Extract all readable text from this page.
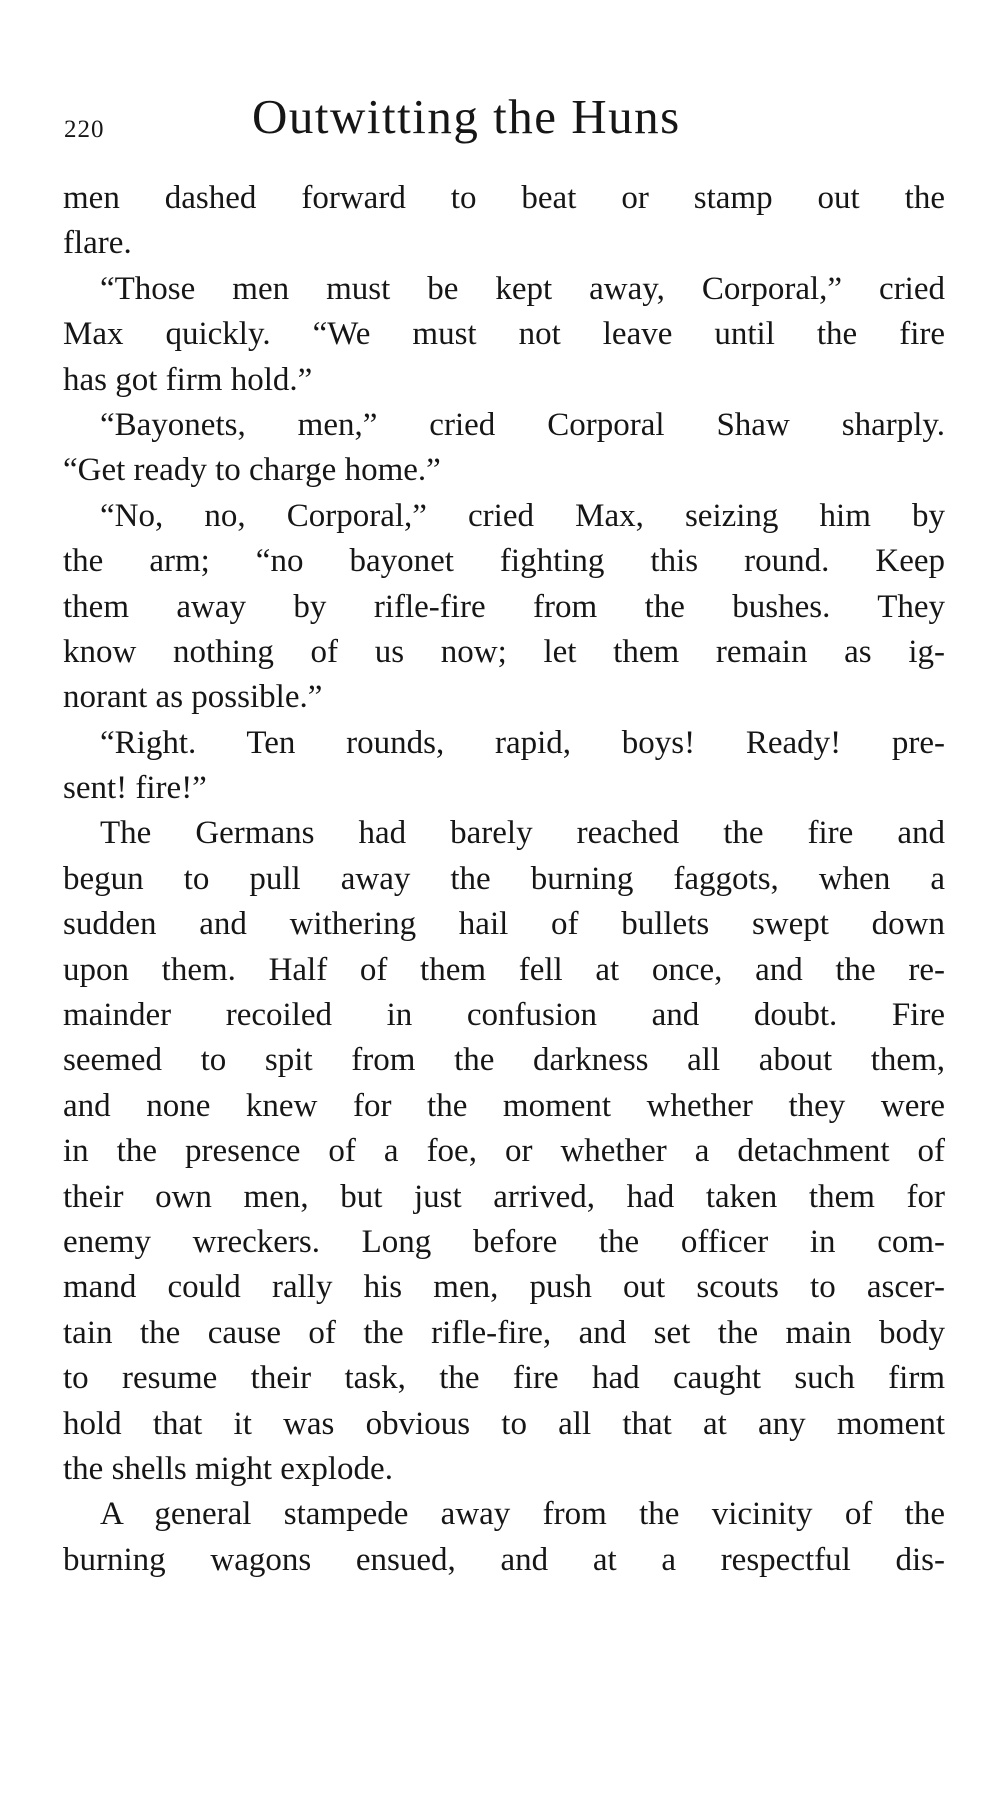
220	Outwitting the Huns
men dashed forward to beat or stamp out the
flare.
“Those men must be kept away, Corporal,” cried
Max quickly. “We must not leave until the fire
has got firm hold.”
“Bayonets, men,” cried Corporal Shaw sharply.
“Get ready to charge home.”
“No, no, Corporal,” cried Max, seizing him by
the arm; “no bayonet fighting this round. Keep
them away by rifle-fire from the bushes. They
know nothing of us now; let them remain as ig-
norant as possible.”
“Right. Ten rounds, rapid, boys! Ready! pre-
sent! fire!”
The Germans had barely reached the fire and
begun to pull away the burning faggots, when a
sudden and withering hail of bullets swept down
upon them. Half of them fell at once, and the re-
mainder recoiled in confusion and doubt. Fire
seemed to spit from the darkness all about them,
and none knew for the moment whether they were
in the presence of a foe, or whether a detachment of
their own men, but just arrived, had taken them for
enemy wreckers. Long before the officer in com-
mand could rally his men, push out scouts to ascer-
tain the cause of the rifle-fire, and set the main body
to resume their task, the fire had caught such firm
hold that it was obvious to all that at any moment
the shells might explode.
A general stampede away from the vicinity of the
burning wagons ensued, and at a respectful dis-
